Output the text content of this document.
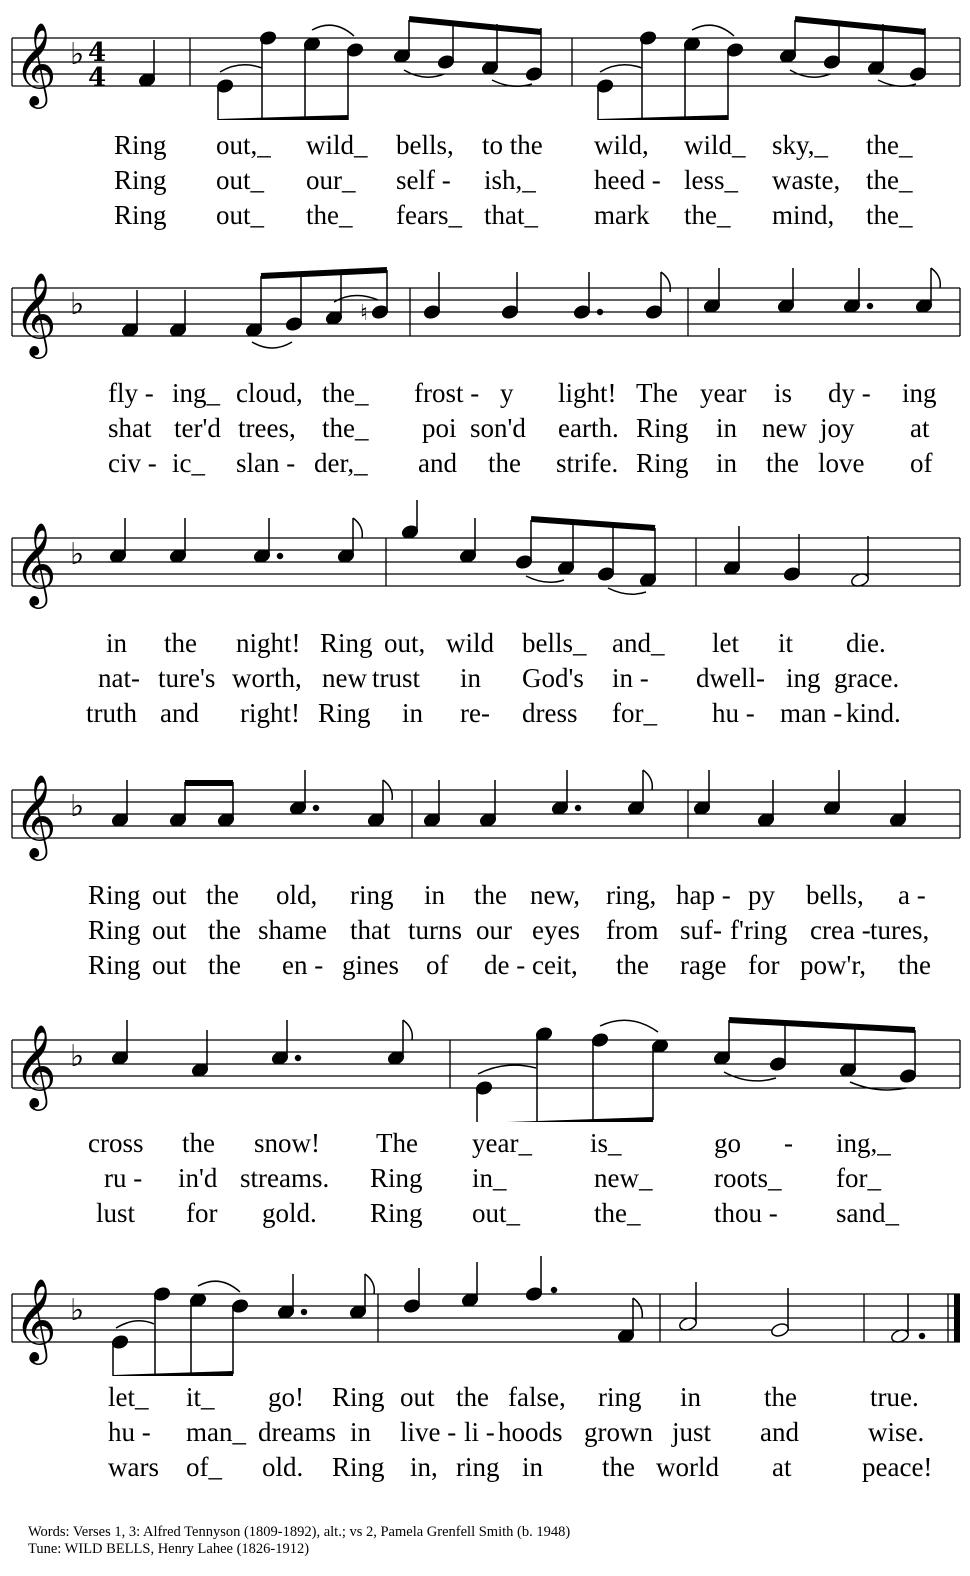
𝄞 ♭ 4
4
Ring out,_ wild_ bells, to the wild, wild_ sky,_ the_
Ring out_ our_ self - ish,_ heed - less_ waste, the_
Ring out_ the_ fears_ that_ mark the_ mind, the_
𝄞 ♭	♮
fly - ing_ cloud, the_ frost - y light! The year is dy - ing
shat ter'd trees, the_ poi son'd earth. Ring in new joy at
civ - ic_ slan - der,_ and the strife. Ring in the love of
𝄞 ♭
in the night! Ring out, wild bells_ and_ let it die.
nat- ture's worth, new trust in God's in - dwell- ing grace.
truth and right! Ring in re- dress for_ hu - man - kind.
𝄞 ♭
Ring out the old, ring in the new, ring, hap - py bells, a -
Ring out the shame that turns our eyes from suf- f'ring crea - tures,
Ring out the en - gines of de - ceit, the rage for pow'r, the
𝄞 ♭
cross the snow! The year_ is_	go - ing,_
ru - in'd streams. Ring in_	new_ roots_ for_
lust for gold. Ring out_	the_	thou - sand_
𝄞 ♭
let_ it_ go! Ring out the false, ring in the	true.
hu - man_ dreams in live - li - hoods grown just and	wise.
wars of_ old. Ring in, ring in the world at	peace!
Words: Verses 1, 3: Alfred Tennyson (1809-1892), alt.; vs 2, Pamela Grenfell Smith (b. 1948)
Tune: WILD BELLS, Henry Lahee (1826-1912)
